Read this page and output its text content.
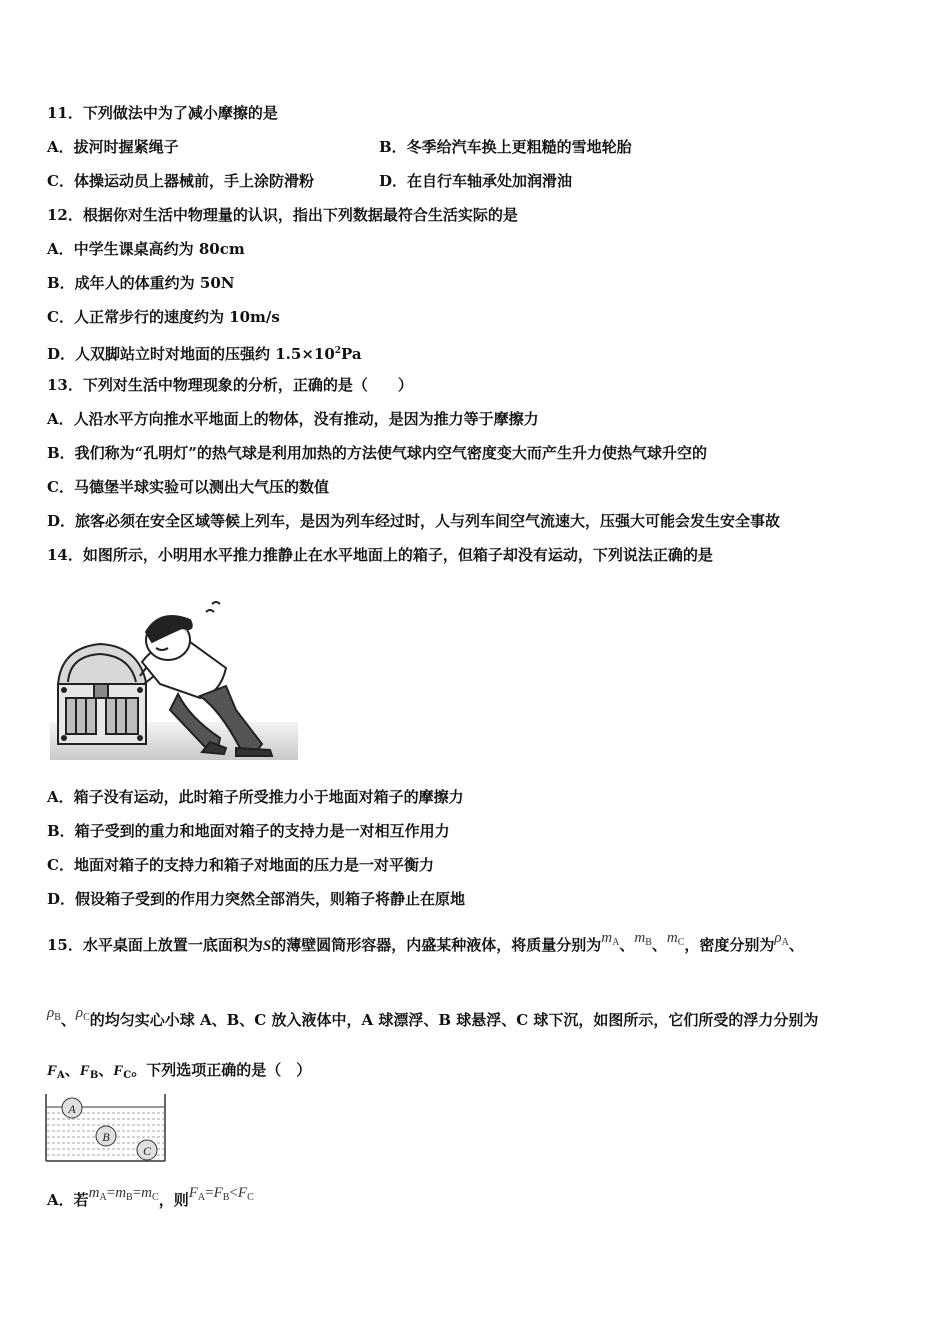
11．下列做法中为了减小摩擦的是
A．拔河时握紧绳子	B．冬季给汽车换上更粗糙的雪地轮胎
C．体操运动员上器械前，手上涂防滑粉	D．在自行车轴承处加润滑油
12．根据你对生活中物理量的认识，指出下列数据最符合生活实际的是
A．中学生课桌高约为 80cm
B．成年人的体重约为 50N
C．人正常步行的速度约为 10m/s
D．人双脚站立时对地面的压强约 $1.5\times 10^2Pa$
13．下列对生活中物理现象的分析，正确的是（　　）
A．人沿水平方向推水平地面上的物体，没有推动，是因为推力等于摩擦力
B．我们称为“孔明灯”的热气球是利用加热的方法使气球内空气密度变大而产生升力使热气球升空的
C．马德堡半球实验可以测出大气压的数值
D．旅客必须在安全区域等候上列车，是因为列车经过时，人与列车间空气流速大，压强大可能会发生安全事故
14．如图所示，小明用水平推力推静止在水平地面上的箱子，但箱子却没有运动，下列说法正确的是
A．箱子没有运动，此时箱子所受推力小于地面对箱子的摩擦力
B．箱子受到的重力和地面对箱子的支持力是一对相互作用力
C．地面对箱子的支持力和箱子对地面的压力是一对平衡力
D．假设箱子受到的作用力突然全部消失，则箱子将静止在原地
15．水平桌面上放置一底面积为S的薄壁圆筒形容器，内盛某种液体，将质量分别为$m_A$、$m_B$、$m_C$，密度分别为$\rho_A$、
$\rho_B$、$\rho_C$的均匀实心小球 A、B、C 放入液体中，A 球漂浮、B 球悬浮、C 球下沉，如图所示，它们所受的浮力分别为
$F_A$、$F_B$、$F_C$。下列选项正确的是（　）
A
B
C
A．若$m_A=m_B=m_C$，则$F_A=F_B<F_C$
